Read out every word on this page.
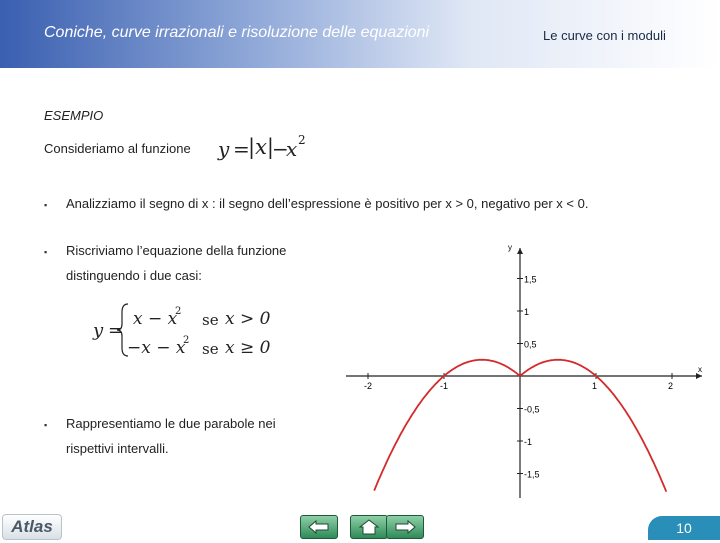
Coniche, curve irrazionali e risoluzione delle equazioni	Le curve con i moduli
ESEMPIO
Consideriamo al funzione y =
|x|
−
x 2
▪ Analizziamo il segno di x : il segno dell’espressione è positivo per x > 0, negativo per x < 0.
▪ Riscriviamo l’equazione della funzione
distinguendo i due casi:
y =
x − x
2 se x > 0
−x − x
2 se x ≥ 0
▪ Rappresentiamo le due parabole nei
rispettivi intervalli.
x
y
-2	-1	1	2
1,5
1
0,5
-0,5
-1
-1,5
Atlas	10
